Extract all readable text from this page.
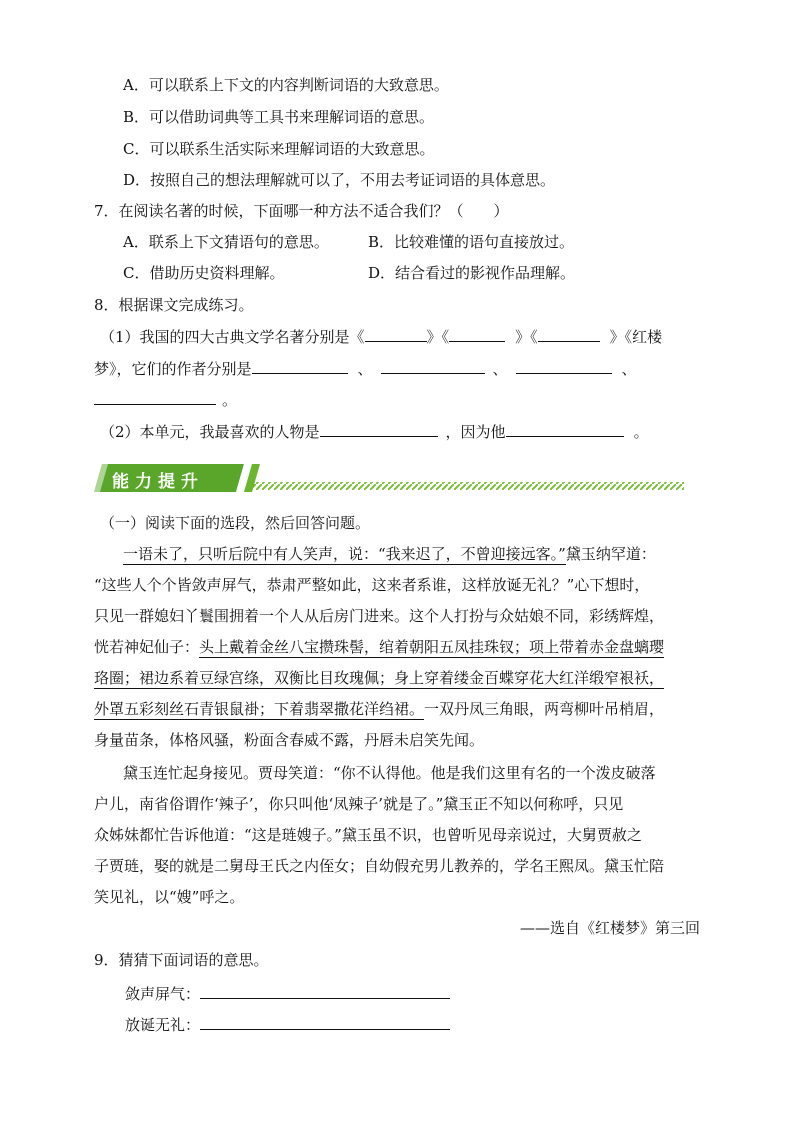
A．可以联系上下文的内容判断词语的大致意思。
B．可以借助词典等工具书来理解词语的意思。
C．可以联系生活实际来理解词语的大致意思。
D．按照自己的想法理解就可以了，不用去考证词语的具体意思。
7．在阅读名著的时候，下面哪一种方法不适合我们？（　　）
A．联系上下文猜语句的意思。	B．比较难懂的语句直接放过。
C．借助历史资料理解。	D．结合看过的影视作品理解。
8．根据课文完成练习。
（1）我国的四大古典文学名著分别是《	》《	》《	》《红楼
梦》，它们的作者分别是	、	、	、
。
（2）本单元，我最喜欢的人物是	，因为他	。
能力提升
（一）阅读下面的选段，然后回答问题。
一语未了，只听后院中有人笑声，说：“我来迟了，不曾迎接远客。”黛玉纳罕道：
“这些人个个皆敛声屏气，恭肃严整如此，这来者系谁，这样放诞无礼？”心下想时，
只见一群媳妇丫鬟围拥着一个人从后房门进来。这个人打扮与众姑娘不同，彩绣辉煌，
恍若神妃仙子：头上戴着金丝八宝攒珠髻，绾着朝阳五凤挂珠钗；项上带着赤金盘螭璎
珞圈；裙边系着豆绿宫绦，双衡比目玫瑰佩；身上穿着缕金百蝶穿花大红洋缎窄裉袄，
外罩五彩刻丝石青银鼠褂；下着翡翠撒花洋绉裙。一双丹凤三角眼，两弯柳叶吊梢眉，
身量苗条，体格风骚，粉面含春威不露，丹唇未启笑先闻。
黛玉连忙起身接见。贾母笑道：“你不认得他。他是我们这里有名的一个泼皮破落
户儿，南省俗谓作‘辣子’，你只叫他‘凤辣子’就是了。”黛玉正不知以何称呼，只见
众姊妹都忙告诉他道：“这是琏嫂子。”黛玉虽不识，也曾听见母亲说过，大舅贾赦之
子贾琏，娶的就是二舅母王氏之内侄女；自幼假充男儿教养的，学名王熙凤。黛玉忙陪
笑见礼，以“嫂”呼之。
——选自《红楼梦》第三回
9．猜猜下面词语的意思。
敛声屏气：
放诞无礼：
